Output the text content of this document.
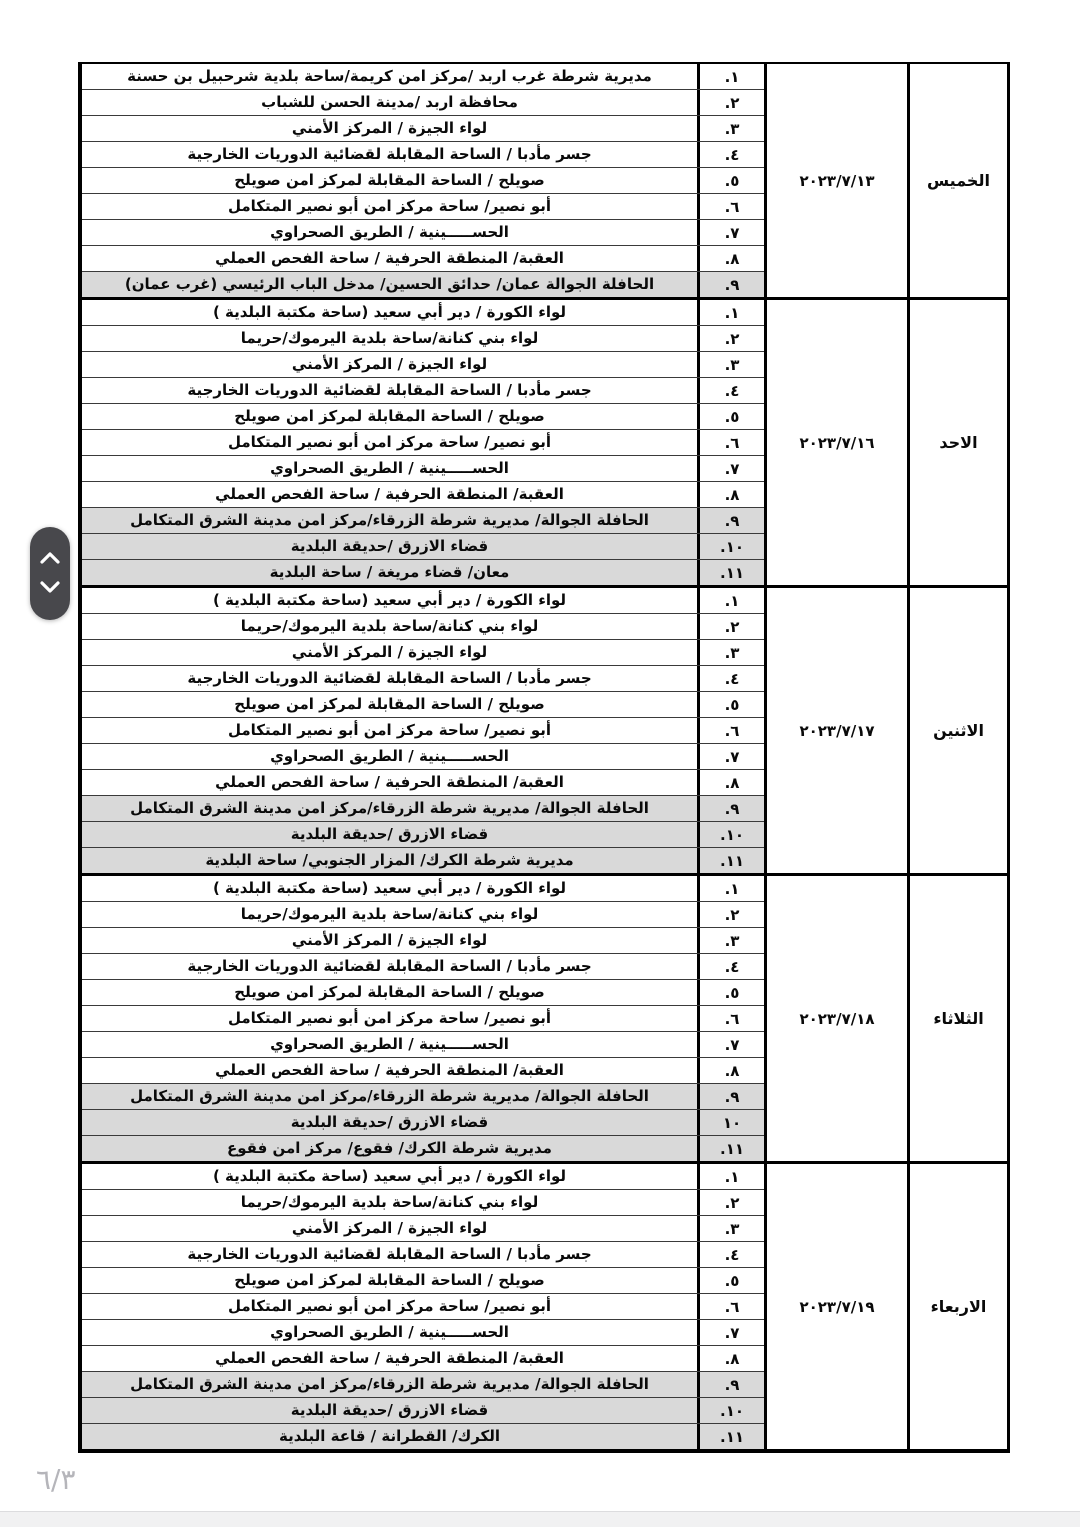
مديرية شرطة غرب اربد /مركز امن كريمة/ساحة بلدية شرحبيل بن حسنة	١.
محافظة اربد /مدينة الحسن للشباب	٢.
لواء الجيزة / المركز الأمني	٣.
جسر مأدبا / الساحة المقابلة لقضائية الدوريات الخارجية	٤.
صويلح / الساحة المقابلة لمركز امن صويلح	٥.
أبو نصير/ ساحة مركز امن أبو نصير المتكامل	٦.
الحســـــينية / الطريق الصحراوي	٧.
العقبة/ المنطقة الحرفية / ساحة الفحص العملي	٨.
الحافلة الجوالة عمان/ حدائق الحسين/ مدخل الباب الرئيسي (غرب عمان)	٩.
٢٠٢٣/٧/١٣	الخميس
لواء الكورة / دير أبي سعيد (ساحة مكتبة البلدية )	١.
لواء بني كنانة/ساحة بلدية اليرموك/حريما	٢.
لواء الجيزة / المركز الأمني	٣.
جسر مأدبا / الساحة المقابلة لقضائية الدوريات الخارجية	٤.
صويلح / الساحة المقابلة لمركز امن صويلح	٥.
أبو نصير/ ساحة مركز امن أبو نصير المتكامل	٦.
الحســـــينية / الطريق الصحراوي	٧.
العقبة/ المنطقة الحرفية / ساحة الفحص العملي	٨.
الحافلة الجوالة/ مديرية شرطة الزرقاء/مركز امن مدينة الشرق المتكامل	٩.
قضاء الازرق /حديقة البلدية	١٠.
معان/ قضاء مريغة / ساحة البلدية	١١.
٢٠٢٣/٧/١٦	الاحد
لواء الكورة / دير أبي سعيد (ساحة مكتبة البلدية )	١.
لواء بني كنانة/ساحة بلدية اليرموك/حريما	٢.
لواء الجيزة / المركز الأمني	٣.
جسر مأدبا / الساحة المقابلة لقضائية الدوريات الخارجية	٤.
صويلح / الساحة المقابلة لمركز امن صويلح	٥.
أبو نصير/ ساحة مركز امن أبو نصير المتكامل	٦.
الحســـــينية / الطريق الصحراوي	٧.
العقبة/ المنطقة الحرفية / ساحة الفحص العملي	٨.
الحافلة الجوالة/ مديرية شرطة الزرقاء/مركز امن مدينة الشرق المتكامل	٩.
قضاء الازرق /حديقة البلدية	١٠.
مديرية شرطة الكرك/ المزار الجنوبي/ ساحة البلدية	١١.
٢٠٢٣/٧/١٧	الاثنين
لواء الكورة / دير أبي سعيد (ساحة مكتبة البلدية )	١.
لواء بني كنانة/ساحة بلدية اليرموك/حريما	٢.
لواء الجيزة / المركز الأمني	٣.
جسر مأدبا / الساحة المقابلة لقضائية الدوريات الخارجية	٤.
صويلح / الساحة المقابلة لمركز امن صويلح	٥.
أبو نصير/ ساحة مركز امن أبو نصير المتكامل	٦.
الحســـــينية / الطريق الصحراوي	٧.
العقبة/ المنطقة الحرفية / ساحة الفحص العملي	٨.
الحافلة الجوالة/ مديرية شرطة الزرقاء/مركز امن مدينة الشرق المتكامل	٩.
قضاء الازرق /حديقة البلدية	١٠
مديرية شرطة الكرك/ فقوع/ مركز امن فقوع	١١.
٢٠٢٣/٧/١٨	الثلاثاء
لواء الكورة / دير أبي سعيد (ساحة مكتبة البلدية )	١.
لواء بني كنانة/ساحة بلدية اليرموك/حريما	٢.
لواء الجيزة / المركز الأمني	٣.
جسر مأدبا / الساحة المقابلة لقضائية الدوريات الخارجية	٤.
صويلح / الساحة المقابلة لمركز امن صويلح	٥.
أبو نصير/ ساحة مركز امن أبو نصير المتكامل	٦.
الحســـــينية / الطريق الصحراوي	٧.
العقبة/ المنطقة الحرفية / ساحة الفحص العملي	٨.
الحافلة الجوالة/ مديرية شرطة الزرقاء/مركز امن مدينة الشرق المتكامل	٩.
قضاء الازرق /حديقة البلدية	١٠.
الكرك/ القطرانة / قاعة البلدية	١١.
٢٠٢٣/٧/١٩	الاربعاء
٦/٣
